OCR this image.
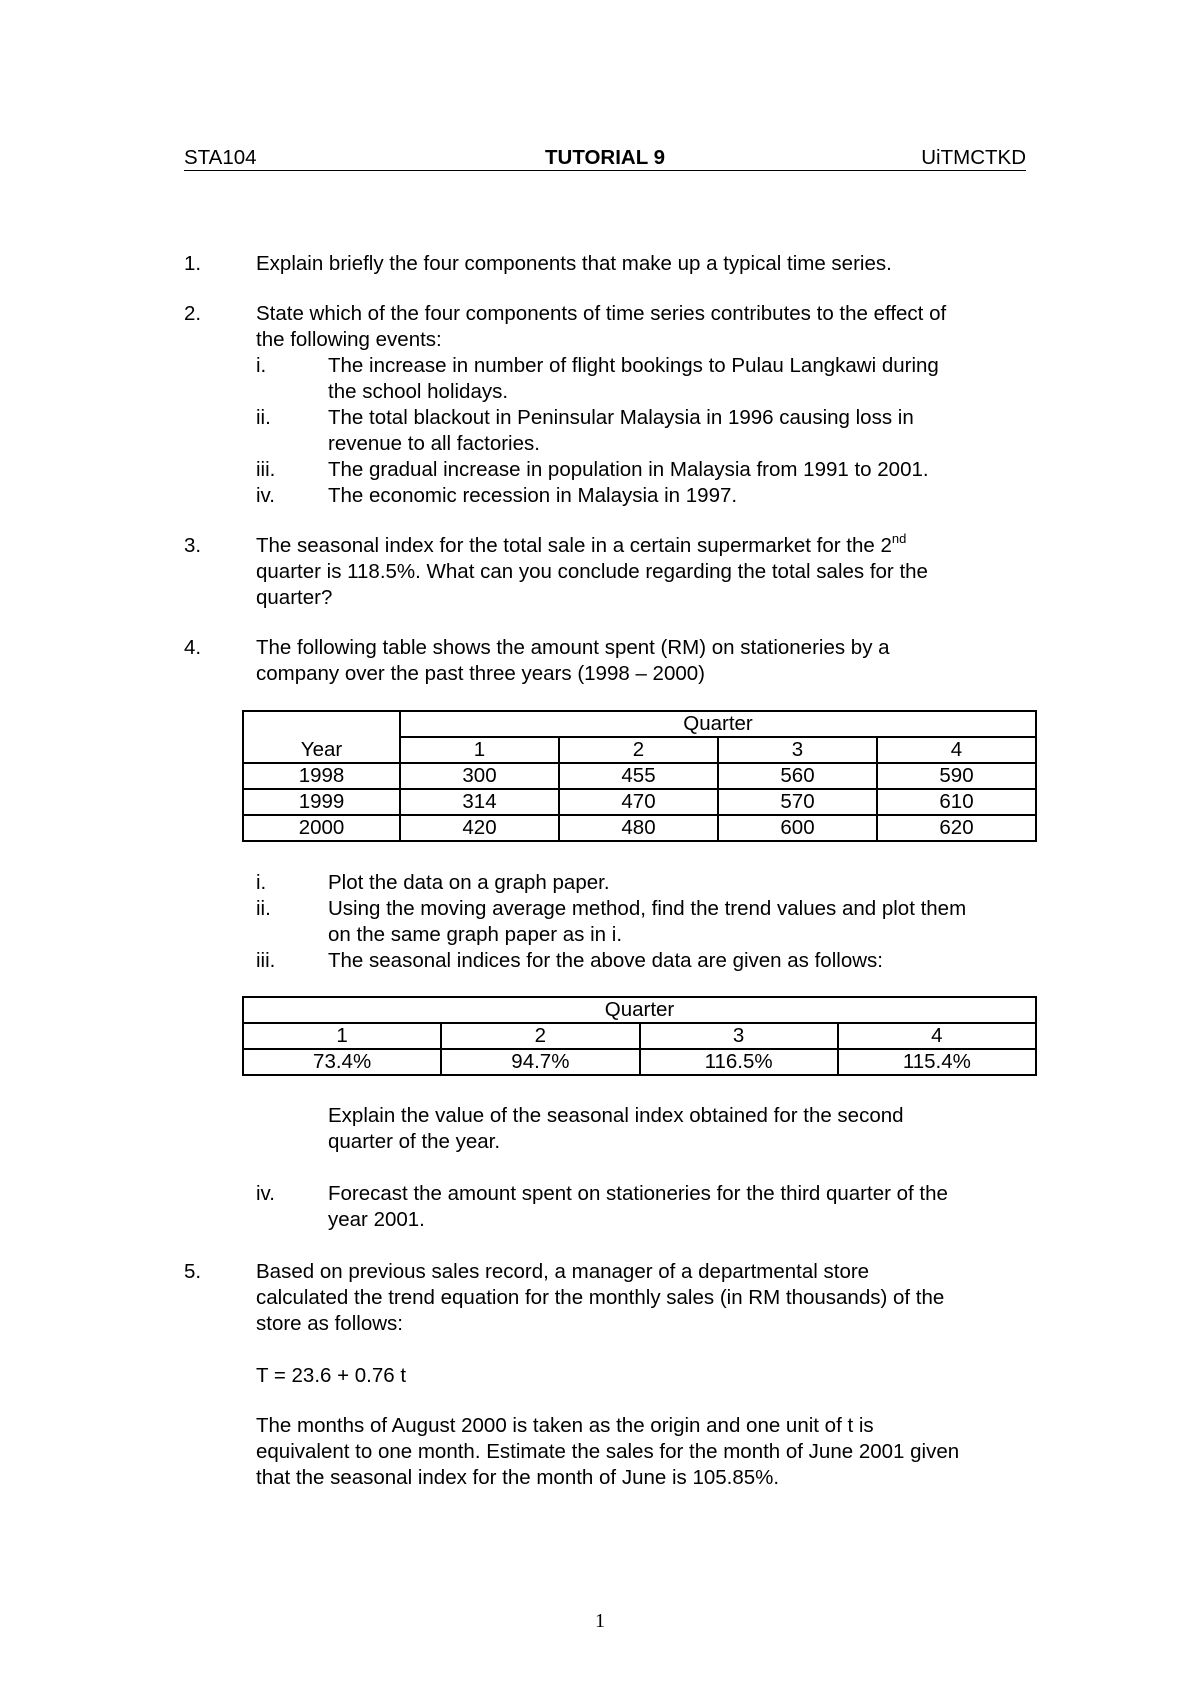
STA104	TUTORIAL 9	UiTMCTKD
1.	Explain briefly the four components that make up a typical time series.
2.	State which of the four components of time series contributes to the effect of
the following events:
i.	The increase in number of flight bookings to Pulau Langkawi during
the school holidays.
ii.	The total blackout in Peninsular Malaysia in 1996 causing loss in
revenue to all factories.
iii.	The gradual increase in population in Malaysia from 1991 to 2001.
iv.	The economic recession in Malaysia in 1997.
3.	The seasonal index for the total sale in a certain supermarket for the 2nd
quarter is 118.5%. What can you conclude regarding the total sales for the
quarter?
4.	The following table shows the amount spent (RM) on stationeries by a
company over the past three years (1998 – 2000)
Year	Quarter			
	1	2	3	4
1998	300	455	560	590
1999	314	470	570	610
2000	420	480	600	620
i.	Plot the data on a graph paper.
ii.	Using the moving average method, find the trend values and plot them
on the same graph paper as in i.
iii.	The seasonal indices for the above data are given as follows:
Quarter			
1	2	3	4
73.4%	94.7%	116.5%	115.4%
Explain the value of the seasonal index obtained for the second
quarter of the year.
iv.	Forecast the amount spent on stationeries for the third quarter of the
year 2001.
5.	Based on previous sales record, a manager of a departmental store
calculated the trend equation for the monthly sales (in RM thousands) of the
store as follows:
T = 23.6 + 0.76 t
The months of August 2000 is taken as the origin and one unit of t is
equivalent to one month. Estimate the sales for the month of June 2001 given
that the seasonal index for the month of June is 105.85%.
1
